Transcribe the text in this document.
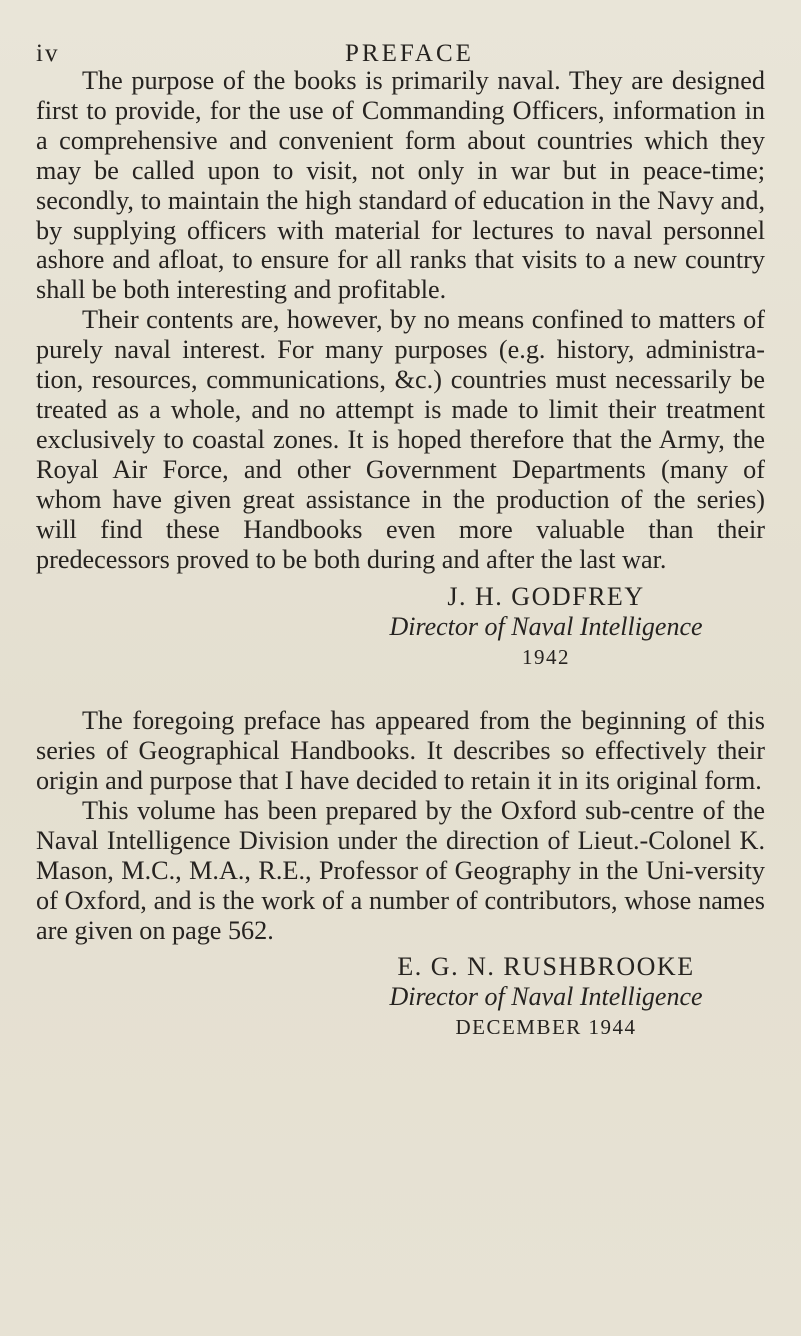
iv	PREFACE

The purpose of the books is primarily naval. They are designed first to provide, for the use of Commanding Officers, information in a comprehensive and convenient form about countries which they may be called upon to visit, not only in war but in peace-time; secondly, to maintain the high standard of education in the Navy and, by supplying officers with material for lectures to naval personnel ashore and afloat, to ensure for all ranks that visits to a new country shall be both interesting and profitable.

Their contents are, however, by no means confined to matters of purely naval interest. For many purposes (e.g. history, administra-tion, resources, communications, &c.) countries must necessarily be treated as a whole, and no attempt is made to limit their treatment exclusively to coastal zones. It is hoped therefore that the Army, the Royal Air Force, and other Government Departments (many of whom have given great assistance in the production of the series) will find these Handbooks even more valuable than their predecessors proved to be both during and after the last war.

J. H. GODFREY
Director of Naval Intelligence
1942

The foregoing preface has appeared from the beginning of this series of Geographical Handbooks. It describes so effectively their origin and purpose that I have decided to retain it in its original form.

This volume has been prepared by the Oxford sub-centre of the Naval Intelligence Division under the direction of Lieut.-Colonel K. Mason, M.C., M.A., R.E., Professor of Geography in the Uni-versity of Oxford, and is the work of a number of contributors, whose names are given on page 562.

E. G. N. RUSHBROOKE
Director of Naval Intelligence
DECEMBER 1944
